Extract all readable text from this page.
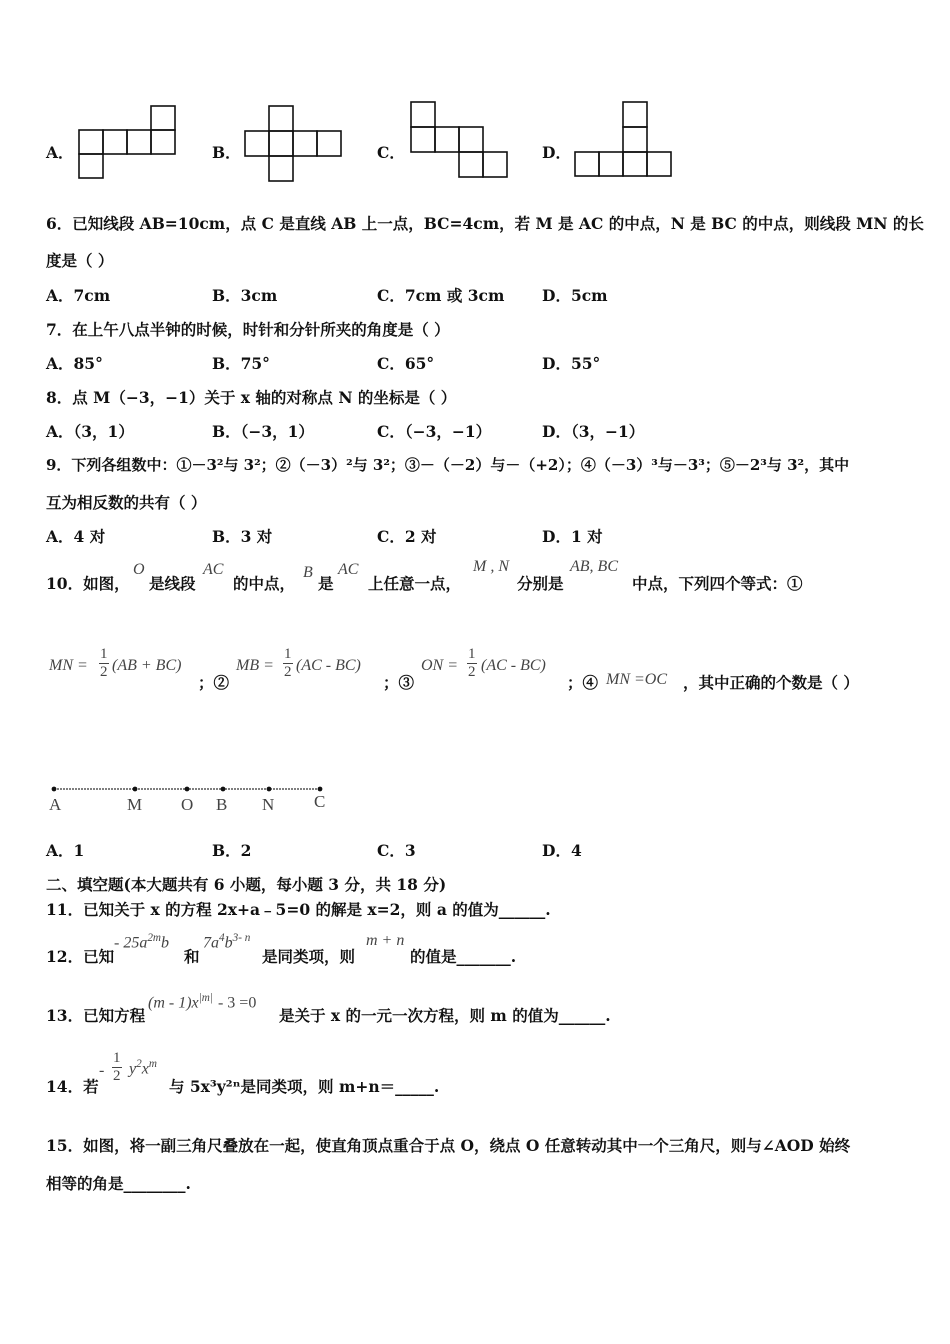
A．	B．	C．	D．
6．已知线段 AB=10cm，点 C 是直线 AB 上一点，BC=4cm，若 M 是 AC 的中点，N 是 BC 的中点，则线段 MN 的长
度是（ ）
A．7cm	B．3cm	C．7cm 或 3cm D．5cm
7．在上午八点半钟的时候，时针和分针所夹的角度是（ ）
A．85°	B．75°	C．65°	D．55°
8．点 M（−3，−1）关于 x 轴的对称点 N 的坐标是（ ）
A．（3，1）	B．（−3，1）	C．（−3，−1）	D．（3，−1）
9．下列各组数中：①－3²与 3²；②（－3）²与 3²；③－（－2）与－（+2）；④（－3）³与－3³；⑤－2³与 3²，其中
互为相反数的共有（ ）
A．4 对	B．3 对	C．2 对	D．1 对
10．如图，
O
是线段
AC
的中点，
B
是
AC
上任意一点，
M , N
分别是
AB, BC
中点，下列四个等式：①
MN = $\frac{1}{2} (AB + BC)$
；②
MB = $\frac{1}{2} (AC - BC)$
；③
ON = $\frac{1}{2} (AC - BC)$
；④ MN =OC ，其中正确的个数是（ ）
A	M O B N C
A．1	B．2	C．3	D．4
二、填空题(本大题共有 6 小题，每小题 3 分，共 18 分)
11．已知关于 x 的方程 2x+a﹣5=0 的解是 x=2，则 a 的值为______.
12．已知
- $25a^{2m}b$
和
$7a^4b^{3- n}$
是同类项，则
m + n
的值是_______.
13．已知方程
$(m - 1)x^{|m|} - 3 =0$
是关于 x 的一元一次方程，则 m 的值为______.
14．若
- $\frac{1}{2} y^2x^m$
与 5x³y²ⁿ是同类项，则 m+n＝_____.
15．如图，将一副三角尺叠放在一起，使直角顶点重合于点 O，绕点 O 任意转动其中一个三角尺，则与∠AOD 始终
相等的角是________.
